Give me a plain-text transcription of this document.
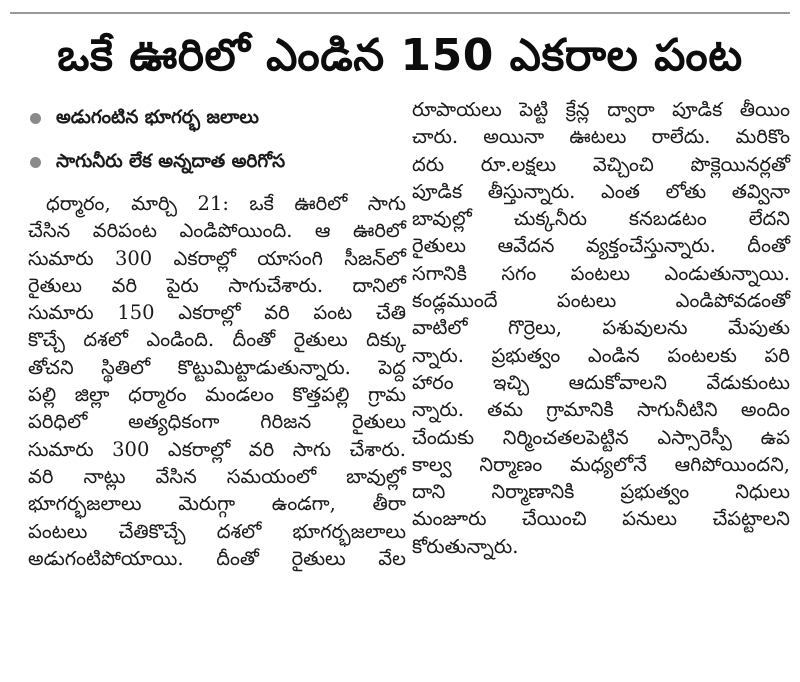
ఒకే ఊరిలో ఎండిన 150 ఎకరాల పంట
అడుగంటిన భూగర్భ జలాలు
సాగునీరు లేక అన్నదాత అరిగోస
ధర్మారం, మార్చి 21: ఒకే ఊరిలో సాగు
చేసిన వరిపంట ఎండిపోయింది. ఆ ఊరిలో
సుమారు 300 ఎకరాల్లో యాసంగి సీజన్‌లో
రైతులు వరి పైరు సాగుచేశారు. దానిలో
సుమారు 150 ఎకరాల్లో వరి పంట చేతి
కొచ్చే దశలో ఎండింది. దీంతో రైతులు దిక్కు
తోచని స్థితిలో కొట్టుమిట్టాడుతున్నారు. పెద్ద
పల్లి జిల్లా ధర్మారం మండలం కొత్తపల్లి గ్రామ
పరిధిలో అత్యధికంగా గిరిజన రైతులు
సుమారు 300 ఎకరాల్లో వరి సాగు చేశారు.
వరి నాట్లు వేసిన సమయంలో బావుల్లో
భూగర్భజలాలు మెరుగ్గా ఉండగా, తీరా
పంటలు చేతికొచ్చే దశలో భూగర్భజలాలు
అడుగంటిపోయాయి. దీంతో రైతులు వేల
రూపాయలు పెట్టి క్రేన్ల ద్వారా పూడిక తీయిం
చారు. అయినా ఊటలు రాలేదు. మరికొం
దరు రూ.లక్షలు వెచ్చించి పొక్లెయినర్లతో
పూడిక తీస్తున్నారు. ఎంత లోతు తవ్వినా
బావుల్లో చుక్కనీరు కనబడటం లేదని
రైతులు ఆవేదన వ్యక్తంచేస్తున్నారు. దీంతో
సగానికి సగం పంటలు ఎండుతున్నాయి.
కండ్లముందే పంటలు ఎండిపోవడంతో
వాటిలో గొర్రెలు, పశువులను మేపుతు
న్నారు. ప్రభుత్వం ఎండిన పంటలకు పరి
హారం ఇచ్చి ఆదుకోవాలని వేడుకుంటు
న్నారు. తమ గ్రామానికి సాగునీటిని అందిం
చేందుకు నిర్మించతలపెట్టిన ఎస్సారెస్పీ ఉప
కాల్వ నిర్మాణం మధ్యలోనే ఆగిపోయిందని,
దాని నిర్మాణానికి ప్రభుత్వం నిధులు
మంజూరు చేయించి పనులు చేపట్టాలని
కోరుతున్నారు.
